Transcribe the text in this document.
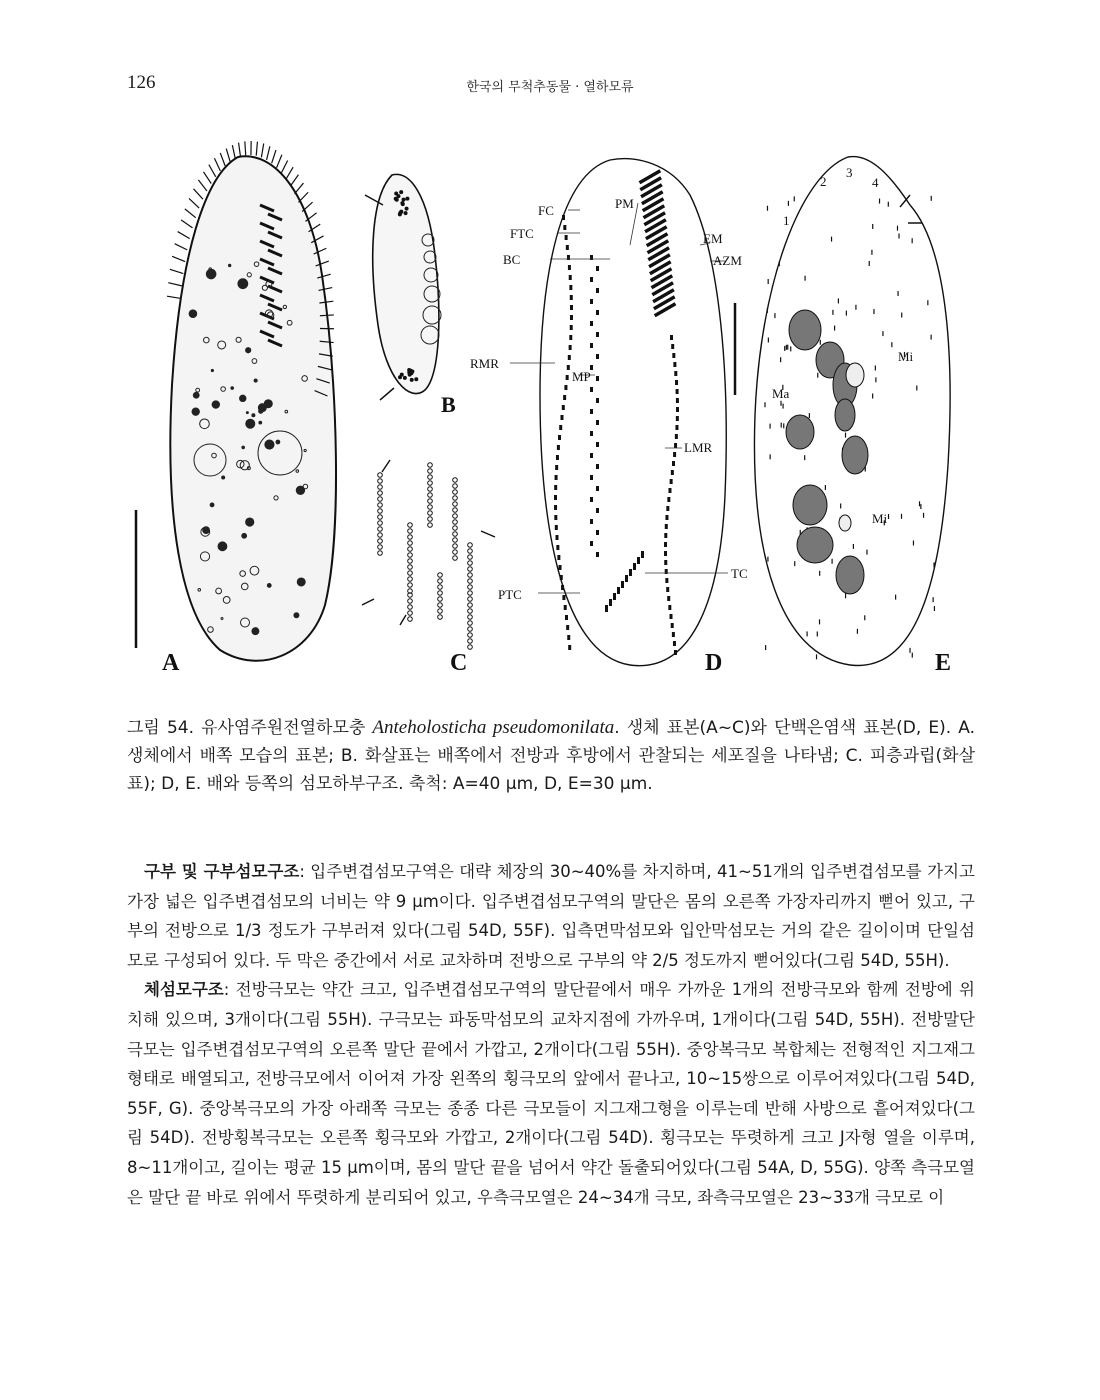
126	한국의 무척추동물 · 열하모류
A
B
C	D	E
FC
FTC
BC
PM
EM
AZM
RMR
MP
LMR
TC
PTC
1
2
3
4
Mi
Ma
Mi
그림 54. 유사염주원전열하모충 Anteholosticha pseudomonilata. 생체 표본(A~C)와 단백은염색 표본(D, E). A. 생체에서 배쪽 모습의 표본; B. 화살표는 배쪽에서 전방과 후방에서 관찰되는 세포질을 나타냄; C. 피층과립(화살표); D, E. 배와 등쪽의 섬모하부구조. 축척: A=40 μm, D, E=30 μm.

구부 및 구부섬모구조: 입주변겹섬모구역은 대략 체장의 30~40%를 차지하며, 41~51개의 입주변겹섬모를 가지고 가장 넓은 입주변겹섬모의 너비는 약 9 μm이다. 입주변겹섬모구역의 말단은 몸의 오른쪽 가장자리까지 뻗어 있고, 구부의 전방으로 1/3 정도가 구부러져 있다(그림 54D, 55F). 입측면막섬모와 입안막섬모는 거의 같은 길이이며 단일섬모로 구성되어 있다. 두 막은 중간에서 서로 교차하며 전방으로 구부의 약 2/5 정도까지 뻗어있다(그림 54D, 55H).

체섬모구조: 전방극모는 약간 크고, 입주변겹섬모구역의 말단끝에서 매우 가까운 1개의 전방극모와 함께 전방에 위치해 있으며, 3개이다(그림 55H). 구극모는 파동막섬모의 교차지점에 가까우며, 1개이다(그림 54D, 55H). 전방말단극모는 입주변겹섬모구역의 오른쪽 말단 끝에서 가깝고, 2개이다(그림 55H). 중앙복극모 복합체는 전형적인 지그재그 형태로 배열되고, 전방극모에서 이어져 가장 왼쪽의 횡극모의 앞에서 끝나고, 10~15쌍으로 이루어져있다(그림 54D, 55F, G). 중앙복극모의 가장 아래쪽 극모는 종종 다른 극모들이 지그재그형을 이루는데 반해 사방으로 흩어져있다(그림 54D). 전방횡복극모는 오른쪽 횡극모와 가깝고, 2개이다(그림 54D). 횡극모는 뚜렷하게 크고 J자형 열을 이루며, 8~11개이고, 길이는 평균 15 μm이며, 몸의 말단 끝을 넘어서 약간 돌출되어있다(그림 54A, D, 55G). 양쪽 측극모열은 말단 끝 바로 위에서 뚜렷하게 분리되어 있고, 우측극모열은 24~34개 극모, 좌측극모열은 23~33개 극모로 이
